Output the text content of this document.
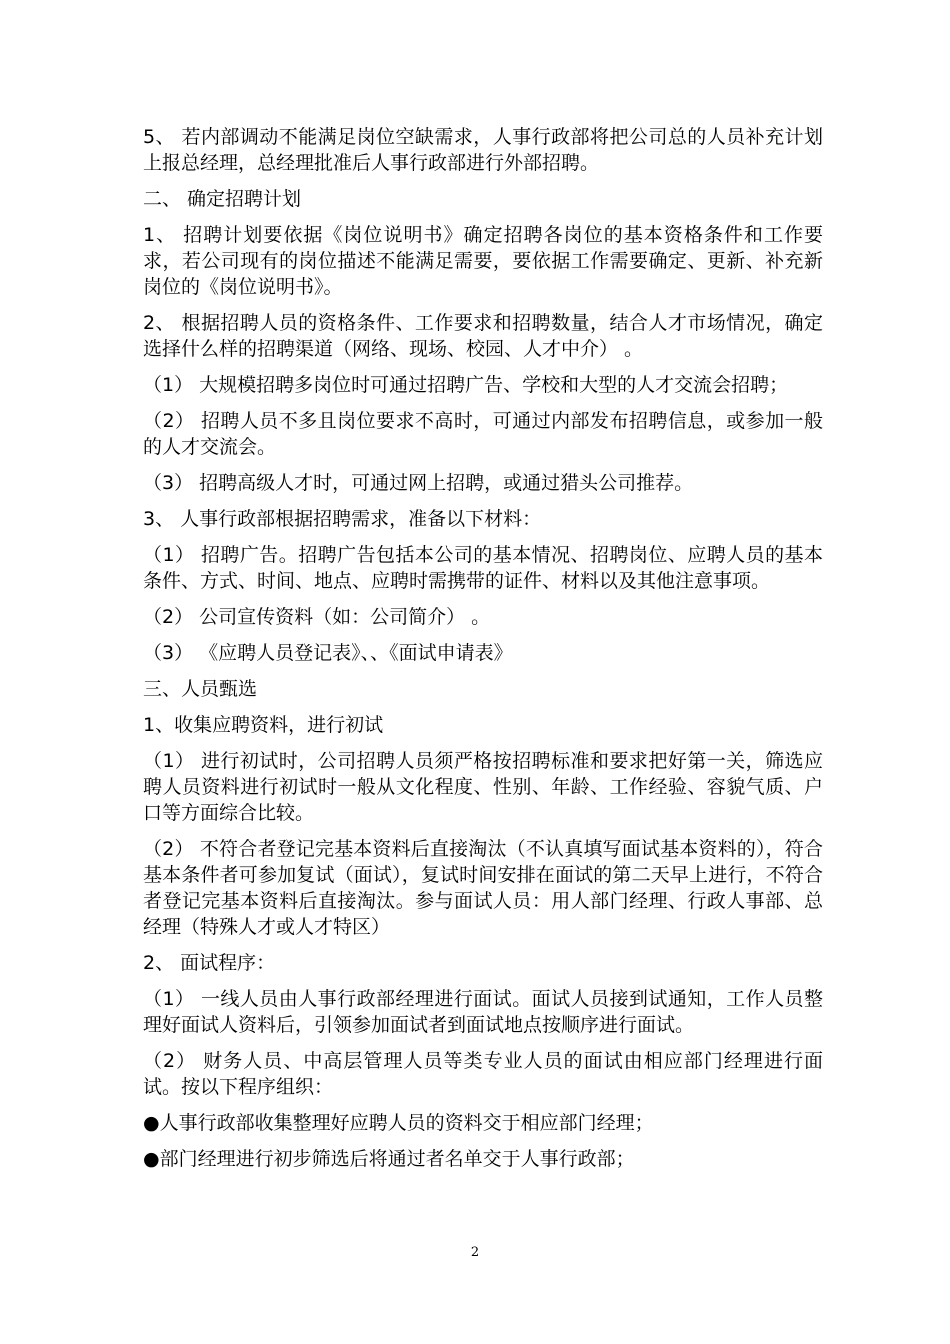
5、 若内部调动不能满足岗位空缺需求，人事行政部将把公司总的人员补充计划上报总经理，总经理批准后人事行政部进行外部招聘。

二、 确定招聘计划

1、 招聘计划要依据《岗位说明书》确定招聘各岗位的基本资格条件和工作要求，若公司现有的岗位描述不能满足需要，要依据工作需要确定、更新、补充新岗位的《岗位说明书》。

2、 根据招聘人员的资格条件、工作要求和招聘数量，结合人才市场情况，确定选择什么样的招聘渠道（网络、现场、校园、人才中介） 。

（1） 大规模招聘多岗位时可通过招聘广告、学校和大型的人才交流会招聘；

（2） 招聘人员不多且岗位要求不高时，可通过内部发布招聘信息，或参加一般的人才交流会。

（3） 招聘高级人才时，可通过网上招聘，或通过猎头公司推荐。

3、 人事行政部根据招聘需求，准备以下材料：

（1） 招聘广告。招聘广告包括本公司的基本情况、招聘岗位、应聘人员的基本条件、方式、时间、地点、应聘时需携带的证件、材料以及其他注意事项。

（2） 公司宣传资料（如：公司简介） 。

（3） 《应聘人员登记表》、、《面试申请表》

三、人员甄选

1、收集应聘资料，进行初试

（1） 进行初试时，公司招聘人员须严格按招聘标准和要求把好第一关，筛选应聘人员资料进行初试时一般从文化程度、性别、年龄、工作经验、容貌气质、户口等方面综合比较。

（2） 不符合者登记完基本资料后直接淘汰（不认真填写面试基本资料的），符合基本条件者可参加复试（面试），复试时间安排在面试的第二天早上进行，不符合者登记完基本资料后直接淘汰。参与面试人员：用人部门经理、行政人事部、总经理（特殊人才或人才特区）

2、 面试程序：

（1） 一线人员由人事行政部经理进行面试。面试人员接到试通知，工作人员整理好面试人资料后，引领参加面试者到面试地点按顺序进行面试。

（2） 财务人员、中高层管理人员等类专业人员的面试由相应部门经理进行面试。按以下程序组织：

●人事行政部收集整理好应聘人员的资料交于相应部门经理；

●部门经理进行初步筛选后将通过者名单交于人事行政部；

2
